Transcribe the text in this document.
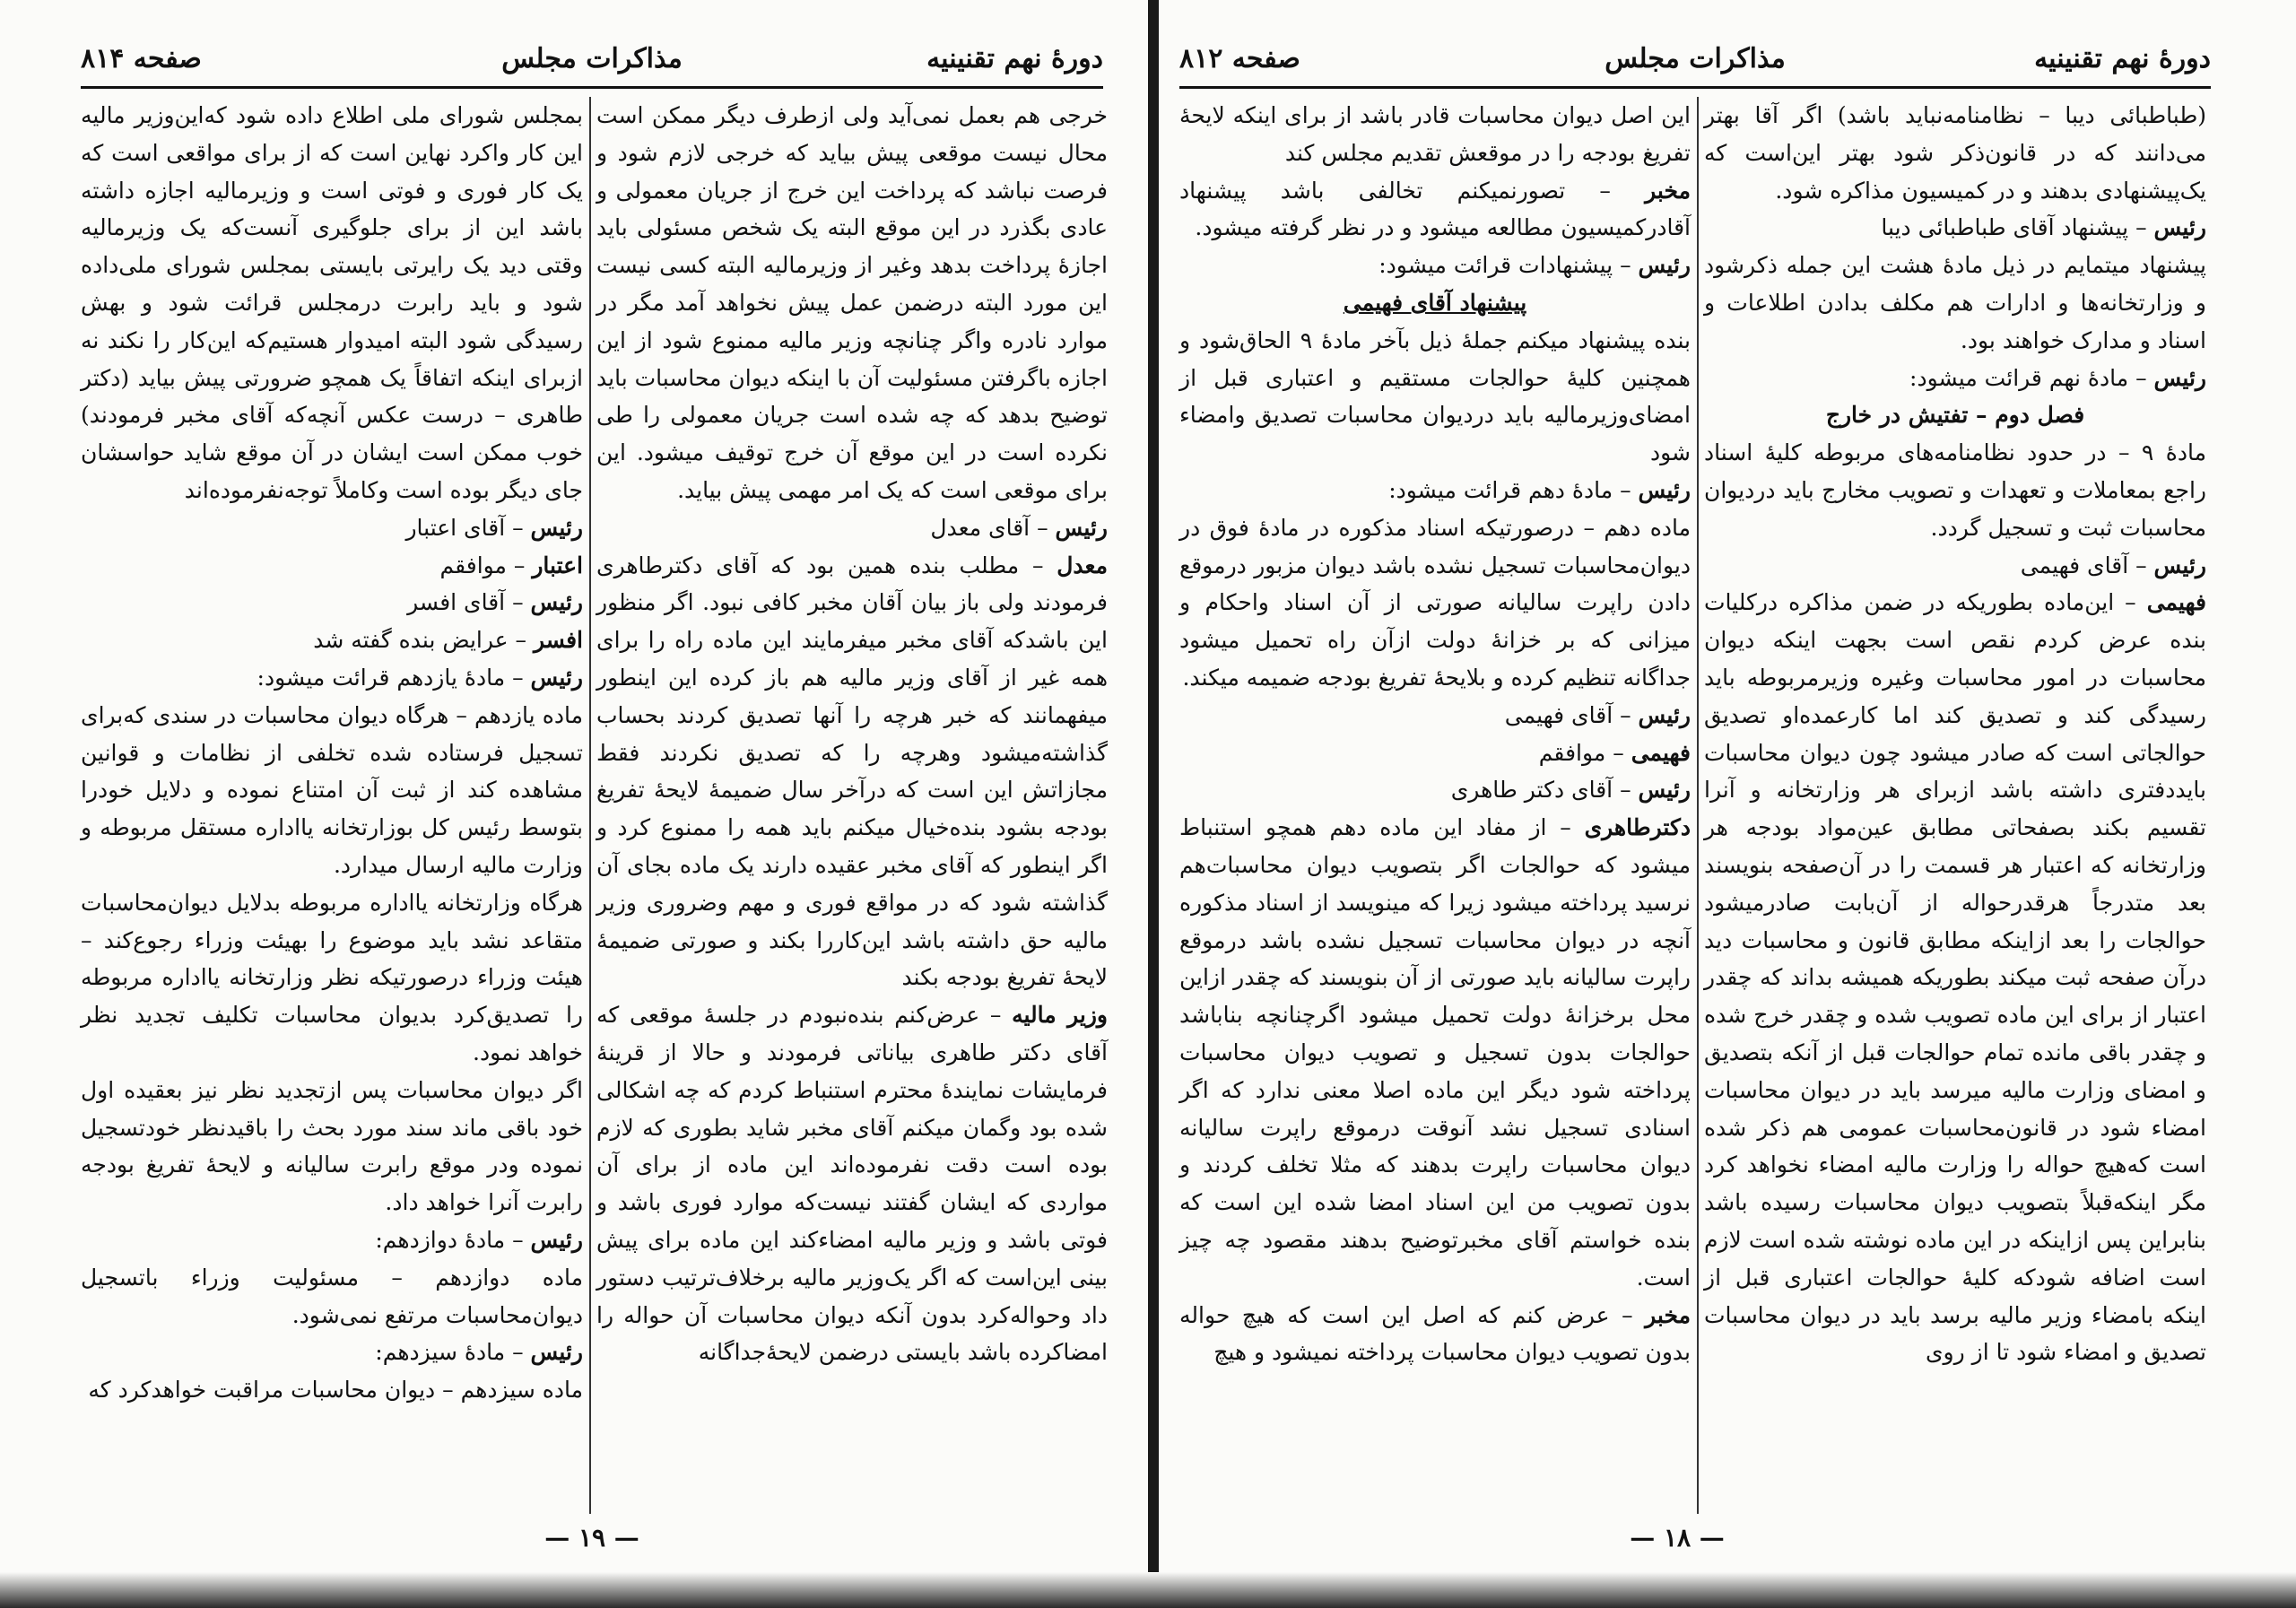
دورهٔ نهم تقنینیه
مذاکرات مجلس
صفحه ۸۱۴

خرجی هم بعمل نمی‌آید ولی ازطرف دیگر ممکن است محال نیست موقعی پیش بیاید که خرجی لازم شود و فرصت نباشد که پرداخت این خرج از جریان معمولی و عادی بگذرد در این موقع البته یک شخص مسئولی باید اجازهٔ پرداخت بدهد وغیر از وزیرمالیه البته کسی نیست این مورد البته درضمن عمل پیش نخواهد آمد مگر در موارد نادره واگر چنانچه وزیر مالیه ممنوع شود از این اجازه باگرفتن مسئولیت آن با اینکه دیوان محاسبات باید توضیح بدهد که چه شده است جریان معمولی را طی نکرده است در این موقع آن خرج توقیف میشود. این برای موقعی است که یک امر مهمی پیش بیاید.

رئیس – آقای معدل

معدل – مطلب بنده همین بود که آقای دکترطاهری فرمودند ولی باز بیان آقان مخبر کافی نبود. اگر منظور این باشدکه آقای مخبر میفرمایند این ماده راه را برای همه غیر از آقای وزیر مالیه هم باز کرده این اینطور میفهمانند که خبر هرچه را آنها تصدیق کردند بحساب گذاشته‌میشود وهرچه را که تصدیق نکردند فقط مجازاتش این است که درآخر سال ضمیمهٔ لایحهٔ تفریغ بودجه بشود بنده‌خیال میکنم باید همه را ممنوع کرد و اگر اینطور که آقای مخبر عقیده دارند یک ماده بجای آن گذاشته شود که در مواقع فوری و مهم وضروری وزیر مالیه حق داشته باشد این‌کاررا بکند و صورتی ضمیمهٔ لایحهٔ تفریغ بودجه بکند

وزیر مالیه – عرض‌کنم بنده‌نبودم در جلسهٔ موقعی که آقای دکتر طاهری بیاناتی فرمودند و حالا از قرینهٔ فرمایشات نمایندهٔ محترم استنباط کردم که چه اشکالی شده بود وگمان میکنم آقای مخبر شاید بطوری که لازم بوده است دقت نفرموده‌اند این ماده از برای آن مواردی که ایشان گفتند نیست‌که موارد فوری باشد و فوتی باشد و وزیر مالیه امضاء‌کند این ماده برای پیش بینی این‌است که اگر یک‌وزیر مالیه برخلاف‌ترتیب دستور داد وحواله‌کرد بدون آنکه دیوان محاسبات آن حواله را امضاکرده باشد بایستی درضمن لایحهٔ‌جداگانه

بمجلس شورای ملی اطلاع داده شود که‌این‌وزیر مالیه این کار واکرد نهاین است که از برای مواقعی است که یک کار فوری و فوتی است و وزیرمالیه اجازه داشته باشد این از برای جلوگیری آنست‌که یک وزیرمالیه وقتی دید یک رایرتی بایستی بمجلس شورای ملی‌داده شود و باید رابرت درمجلس قرائت شود و بهش رسیدگی شود البته امیدوار هستیم‌که این‌کار را نکند نه ازبرای اینکه اتفاقاً یک همچو ضرورتی پیش بیاید (دکتر طاهری – درست عکس آنچه‌که آقای مخبر فرمودند) خوب ممکن است ایشان در آن موقع شاید حواسشان جای دیگر بوده است وکاملاً توجه‌نفرموده‌اند

رئیس – آقای اعتبار

اعتبار – موافقم

رئیس – آقای افسر

افسر – عرایض بنده گفته شد

رئیس – مادهٔ یازدهم قرائت میشود:

ماده یازدهم – هرگاه دیوان محاسبات در سندی که‌برای تسجیل فرستاده شده تخلفی از نظامات و قوانین مشاهده کند از ثبت آن امتناع نموده و دلایل خودرا بتوسط رئیس کل بوزارتخانه یااداره مستقل مربوطه و وزارت مالیه ارسال میدارد.

هرگاه وزارتخانه یااداره مربوطه بدلایل دیوان‌محاسبات متقاعد نشد باید موضوع را بهیئت وزراء رجوع‌کند – هیئت وزراء درصورتیکه نظر وزارتخانه یااداره مربوطه را تصدیق‌کرد بدیوان محاسبات تکلیف تجدید نظر خواهد نمود.

اگر دیوان محاسبات پس ازتجدید نظر نیز بعقیده اول خود باقی ماند سند مورد بحث را باقیدنظر خودتسجیل نموده ودر موقع رابرت سالیانه و لایحهٔ تفریغ بودجه رابرت آنرا خواهد داد.

رئیس – مادهٔ دوازدهم:

ماده دوازدهم – مسئولیت وزراء باتسجیل دیوان‌محاسبات مرتفع نمی‌شود.

رئیس – مادهٔ سیزدهم:

ماده سیزدهم – دیوان محاسبات مراقبت خواهدکرد که

— ۱۹ —
دورهٔ نهم تقنینیه
مذاکرات مجلس
صفحه ۸۱۲

(طباطبائی دیبا – نظامنامه‌نباید باشد) اگر آقا بهتر می‌دانند که در قانون‌ذکر شود بهتر این‌است که یک‌پیشنهادی بدهند و در کمیسیون مذاکره شود.

رئیس – پیشنهاد آقای طباطبائی دیبا

پیشنهاد میتمایم در ذیل مادهٔ هشت این جمله ذکرشود و وزارتخانه‌ها و ادارات هم مکلف بدادن اطلاعات و اسناد و مدارک خواهند بود.

رئیس – مادهٔ نهم قرائت میشود:

فصل دوم – تفتیش در خارج

مادهٔ ۹ – در حدود نظامنامه‌های مربوطه کلیهٔ اسناد راجع بمعاملات و تعهدات و تصویب مخارج باید دردیوان محاسبات ثبت و تسجیل گردد.

رئیس – آقای فهیمی

فهیمی – این‌ماده بطوریکه در ضمن مذاکره درکلیات بنده عرض کردم نقص است بجهت اینکه دیوان محاسبات در امور محاسبات وغیره وزیرمربوطه باید رسیدگی کند و تصدیق کند اما کارعمده‌او تصدیق حوالجاتی است که صادر میشود چون دیوان محاسبات بایددفتری داشته باشد ازبرای هر وزارتخانه و آنرا تقسیم بکند بصفحاتی مطابق عین‌مواد بودجه هر وزارتخانه که اعتبار هر قسمت را در آن‌صفحه بنویسند بعد متدرجاً هرقدرحواله از آن‌بابت صادرمیشود حوالجات را بعد ازاینکه مطابق قانون و محاسبات دید درآن صفحه ثبت میکند بطوریکه همیشه بداند که چقدر اعتبار از برای این ماده تصویب شده و چقدر خرج شده و چقدر باقی مانده تمام حوالجات قبل از آنکه بتصدیق و امضای وزارت مالیه میرسد باید در دیوان محاسبات امضاء شود در قانون‌محاسبات عمومی هم ذکر شده است که‌هیچ حواله را وزارت مالیه امضاء نخواهد کرد مگر اینکه‌قبلاً بتصویب دیوان محاسبات رسیده باشد بنابراین پس ازاینکه در این ماده نوشته شده است لازم است اضافه شود‌که کلیهٔ حوالجات اعتباری قبل از اینکه بامضاء وزیر مالیه برسد باید در دیوان محاسبات تصدیق و امضاء شود تا از روی

این اصل دیوان محاسبات قادر باشد از برای اینکه لایحهٔ تفریغ بودجه را در موقعش تقدیم مجلس کند

مخبر – تصورنمیکنم تخالفی باشد پیشنهاد آقادرکمیسیون مطالعه میشود و در نظر گرفته میشود.

رئیس – پیشنهادات قرائت میشود:

پیشنهاد آقای فهیمی

بنده پیشنهاد میکنم جملهٔ ذیل بآخر مادهٔ ۹ الحاق‌شود و همچنین کلیهٔ حوالجات مستقیم و اعتباری قبل از امضای‌وزیر‌مالیه باید در‌دیوان محاسبات تصدیق وامضاء شود

رئیس – مادهٔ دهم قرائت میشود:

ماده دهم – درصورتیکه اسناد مذکوره در مادهٔ فوق در دیوان‌محاسبات تسجیل نشده باشد دیوان مزبور درموقع دادن راپرت سالیانه صورتی از آن اسناد واحکام و میزانی که بر خزانهٔ دولت ازآن راه تحمیل میشود جداگانه تنظیم کرده و بلایحهٔ تفریغ بودجه ضمیمه میکند.

رئیس – آقای فهیمی

فهیمی – موافقم

رئیس – آقای دکتر طاهری

دکترطاهری – از مفاد این ماده دهم همچو استنباط میشود که حوالجات اگر بتصویب دیوان محاسبات‌هم نرسید پرداخته میشود زیرا که مینویسد از اسناد مذکوره آنچه در دیوان محاسبات تسجیل نشده باشد درموقع راپرت سالیانه باید صورتی از آن بنویسند که چقدر ازاین محل برخزانهٔ دولت تحمیل میشود اگرچنانچه بناباشد حوالجات بدون تسجیل و تصویب دیوان محاسبات پرداخته شود دیگر این ماده اصلا معنی ندارد که اگر اسنادی تسجیل نشد آنوقت درموقع راپرت سالیانه دیوان محاسبات راپرت بدهند که مثلا تخلف کردند و بدون تصویب من این اسناد امضا شده این است که بنده خواستم آقای مخبرتوضیح بدهند مقصود چه چیز است.

مخبر – عرض کنم که اصل این است که هیچ حواله بدون تصویب دیوان محاسبات پرداخته نمیشود و هیچ

— ۱۸ —
